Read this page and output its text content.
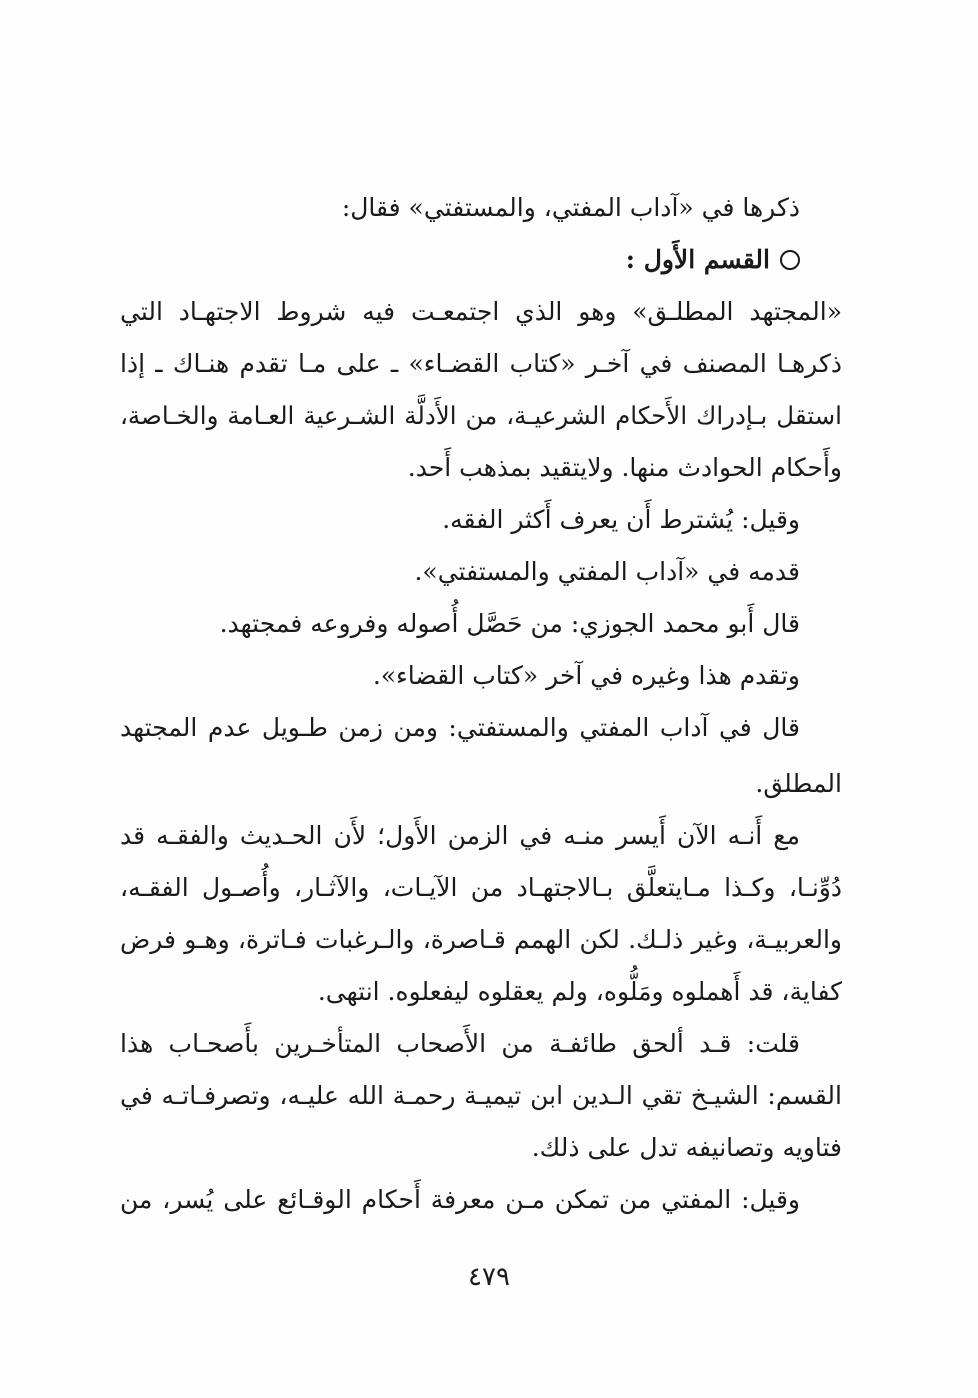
ذكرها في «آداب المفتي، والمستفتي» فقال:
القسم الأَول :
«المجتهد المطلـق» وهو الذي اجتمعـت فيه شروط الاجتهـاد التي
ذكرهـا المصنف في آخـر «كتاب القضـاء» ـ على مـا تقدم هنـاك ـ إذا
استقل بـإدراك الأَحكام الشرعيـة، من الأَدلَّة الشـرعية العـامة والخـاصة،
وأَحكام الحوادث منها. ولايتقيد بمذهب أَحد.
وقيل: يُشترط أَن يعرف أَكثر الفقه.
قدمه في «آداب المفتي والمستفتي».
قال أَبو محمد الجوزي: من حَصَّل أُصوله وفروعه فمجتهد.
وتقدم هذا وغيره في آخر «كتاب القضاء».
قال في آداب المفتي والمستفتي: ومن زمن طـويل عدم المجتهد
المطلق.
مع أَنـه الآن أَيسر منـه في الزمن الأَول؛ لأَن الحـديث والفقـه قد
دُوِّنـا، وكـذا مـايتعلَّق بـالاجتهـاد من الآيـات، والآثـار، وأُصـول الفقـه،
والعربيـة، وغير ذلـك. لكن الهمم قـاصرة، والـرغبات فـاترة، وهـو فرض
كفاية، قد أَهملوه ومَلُّوه، ولم يعقلوه ليفعلوه. انتهى.
قلت: قـد ألحق طائفـة من الأَصحاب المتأخـرين بأَصحـاب هذا
القسم: الشيـخ تقي الـدين ابن تيميـة رحمـة الله عليـه، وتصرفـاتـه في
فتاويه وتصانيفه تدل على ذلك.
وقيل: المفتي من تمكن مـن معرفة أَحكام الوقـائع على يُسر، من
٤٧٩
